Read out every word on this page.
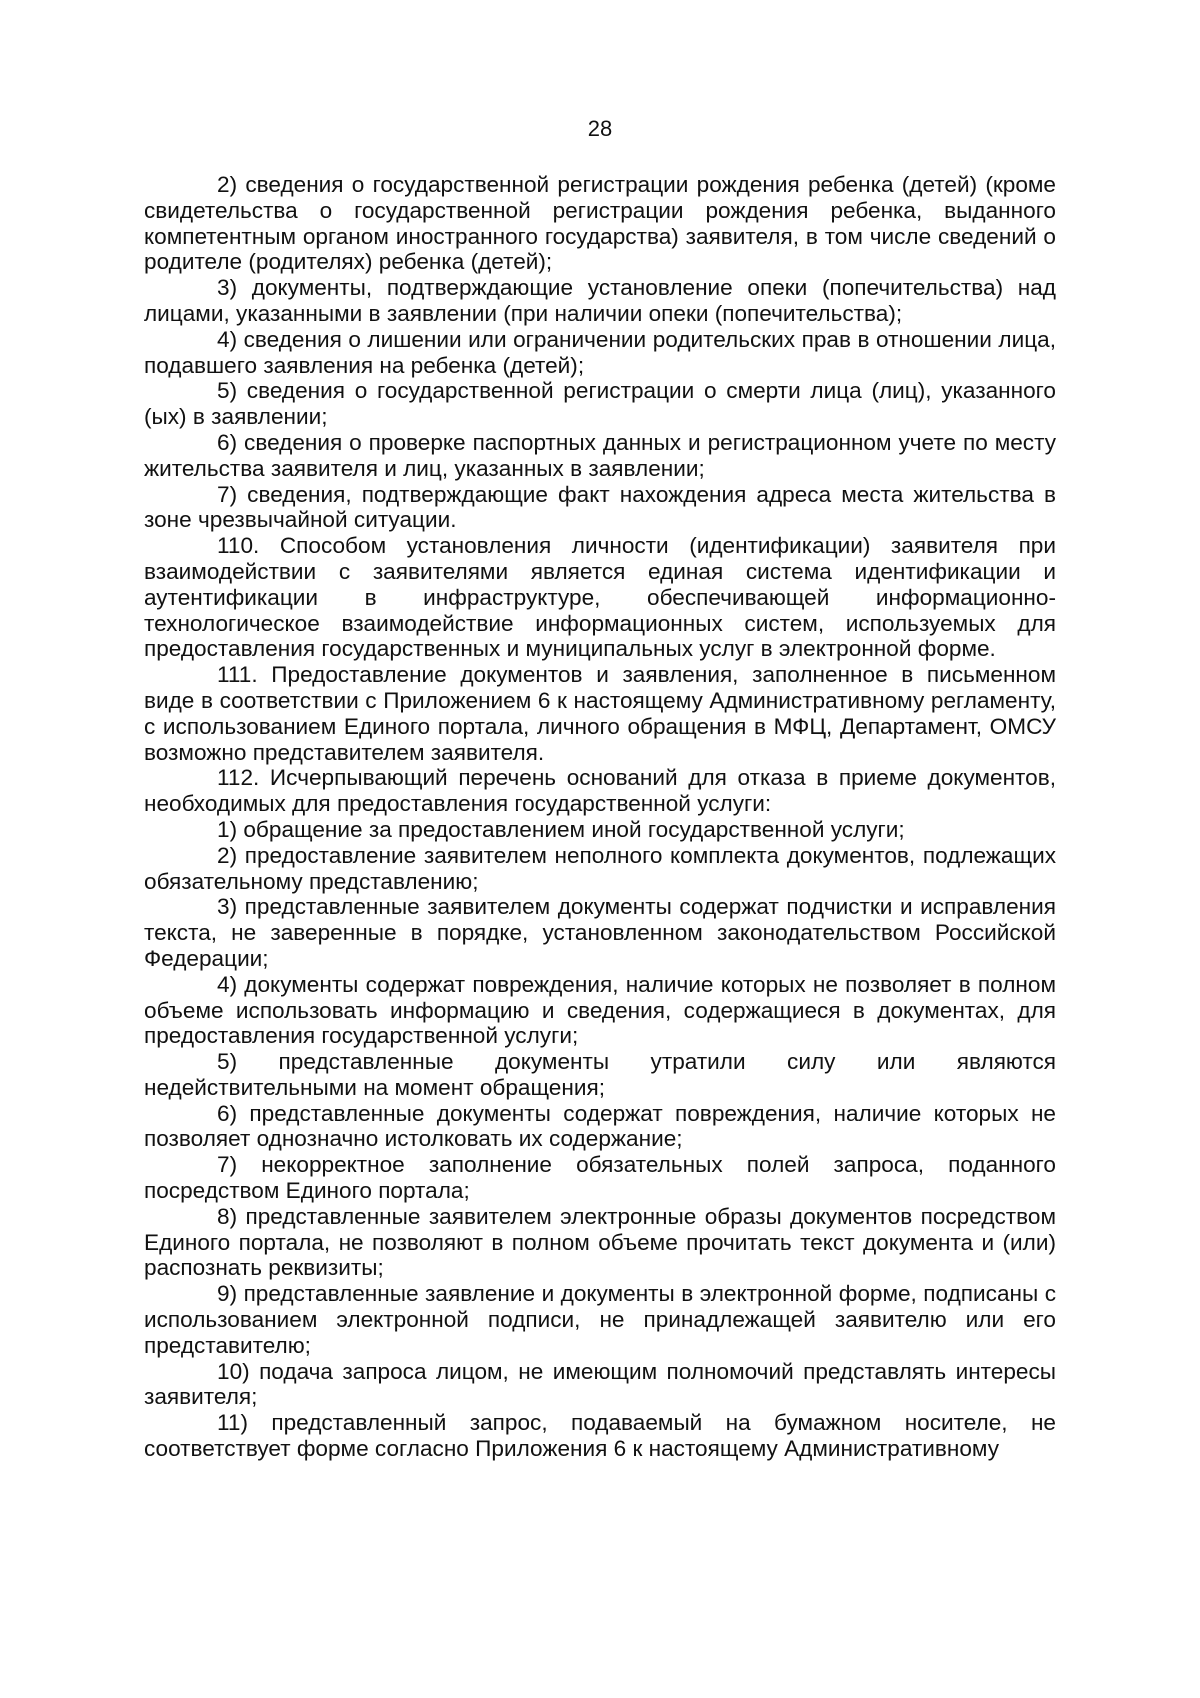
28

2) сведения о государственной регистрации рождения ребенка (детей) (кроме свидетельства о государственной регистрации рождения ребенка, выданного компетентным органом иностранного государства) заявителя, в том числе сведений о родителе (родителях) ребенка (детей);

3) документы, подтверждающие установление опеки (попечительства) над лицами, указанными в заявлении (при наличии опеки (попечительства);

4) сведения о лишении или ограничении родительских прав в отношении лица, подавшего заявления на ребенка (детей);

5) сведения о государственной регистрации о смерти лица (лиц), указанного (ых) в заявлении;

6) сведения о проверке паспортных данных и регистрационном учете по месту жительства заявителя и лиц, указанных в заявлении;

7) сведения, подтверждающие факт нахождения адреса места жительства в зоне чрезвычайной ситуации.

110. Способом установления личности (идентификации) заявителя при взаимодействии с заявителями является единая система идентификации и аутентификации в инфраструктуре, обеспечивающей информационно-технологическое взаимодействие информационных систем, используемых для предоставления государственных и муниципальных услуг в электронной форме.

111. Предоставление документов и заявления, заполненное в письменном виде в соответствии с Приложением 6 к настоящему Административному регламенту, с использованием Единого портала, личного обращения в МФЦ, Департамент, ОМСУ возможно представителем заявителя.

112. Исчерпывающий перечень оснований для отказа в приеме документов, необходимых для предоставления государственной услуги:

1) обращение за предоставлением иной государственной услуги;

2) предоставление заявителем неполного комплекта документов, подлежащих обязательному представлению;

3) представленные заявителем документы содержат подчистки и исправления текста, не заверенные в порядке, установленном законодательством Российской Федерации;

4) документы содержат повреждения, наличие которых не позволяет в полном объеме использовать информацию и сведения, содержащиеся в документах, для предоставления государственной услуги;

5) представленные документы утратили силу или являются недействительными на момент обращения;

6) представленные документы содержат повреждения, наличие которых не позволяет однозначно истолковать их содержание;

7) некорректное заполнение обязательных полей запроса, поданного посредством Единого портала;

8) представленные заявителем электронные образы документов посредством Единого портала, не позволяют в полном объеме прочитать текст документа и (или) распознать реквизиты;

9) представленные заявление и документы в электронной форме, подписаны с использованием электронной подписи, не принадлежащей заявителю или его представителю;

10) подача запроса лицом, не имеющим полномочий представлять интересы заявителя;

11) представленный запрос, подаваемый на бумажном носителе, не соответствует форме согласно Приложения 6 к настоящему Административному
